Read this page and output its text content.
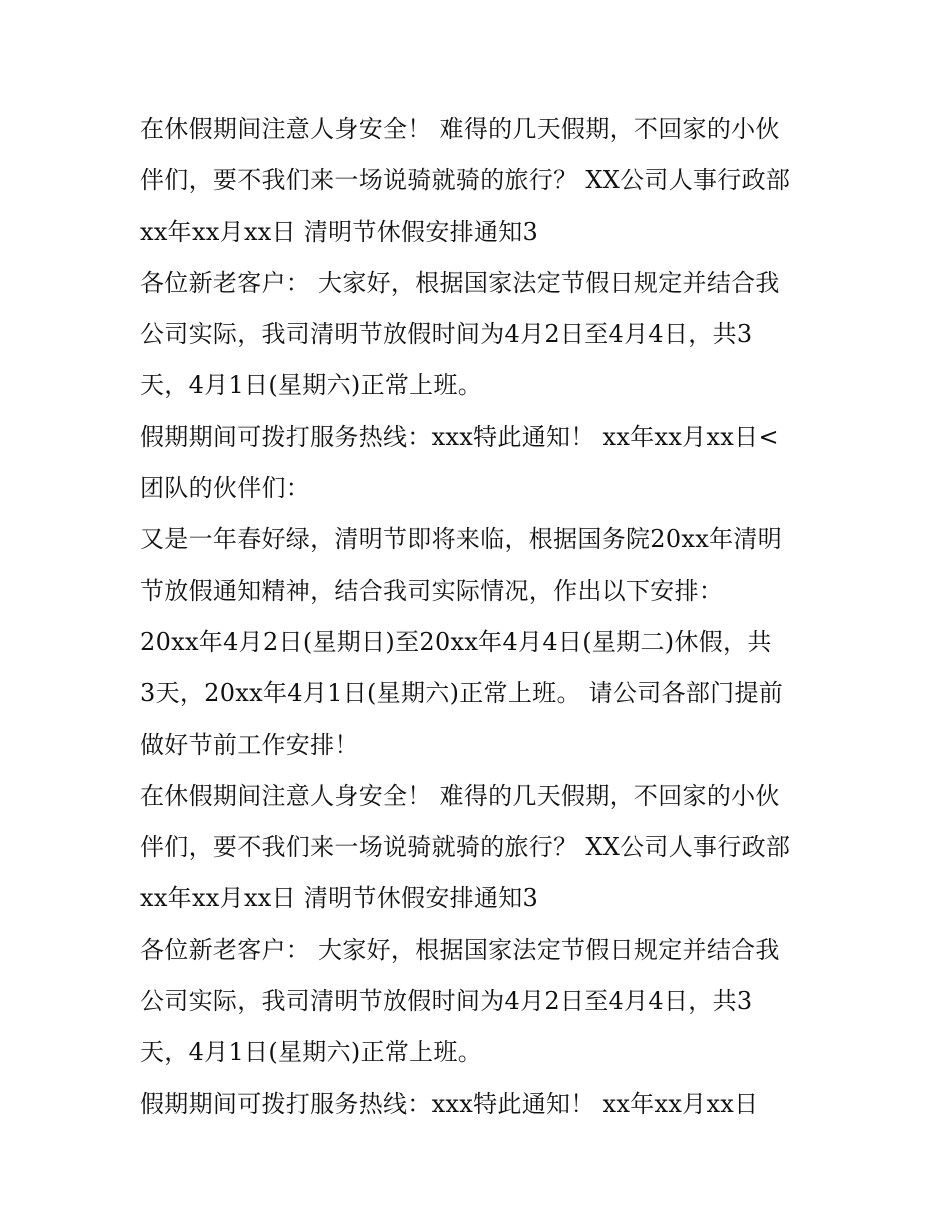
在休假期间注意人身安全！ 难得的几天假期，不回家的小伙
伴们，要不我们来一场说骑就骑的旅行？ XX公司人事行政部
xx年xx月xx日 清明节休假安排通知3
各位新老客户： 大家好，根据国家法定节假日规定并结合我
公司实际，我司清明节放假时间为4月2日至4月4日，共3
天，4月1日(星期六)正常上班。
假期期间可拨打服务热线：xxx特此通知！ xx年xx月xx日<
团队的伙伴们：
又是一年春好绿，清明节即将来临，根据国务院20xx年清明
节放假通知精神，结合我司实际情况，作出以下安排：
20xx年4月2日(星期日)至20xx年4月4日(星期二)休假，共
3天，20xx年4月1日(星期六)正常上班。 请公司各部门提前
做好节前工作安排！
在休假期间注意人身安全！ 难得的几天假期，不回家的小伙
伴们，要不我们来一场说骑就骑的旅行？ XX公司人事行政部
xx年xx月xx日 清明节休假安排通知3
各位新老客户： 大家好，根据国家法定节假日规定并结合我
公司实际，我司清明节放假时间为4月2日至4月4日，共3
天，4月1日(星期六)正常上班。
假期期间可拨打服务热线：xxx特此通知！ xx年xx月xx日
